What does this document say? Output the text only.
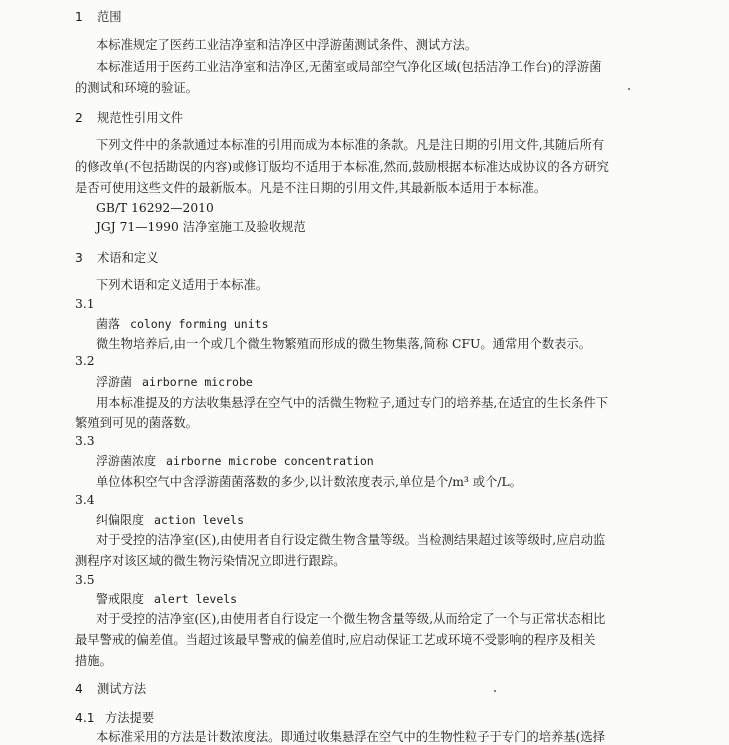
1 范围
本标准规定了医药工业洁净室和洁净区中浮游菌测试条件、测试方法。
本标准适用于医药工业洁净室和洁净区,无菌室或局部空气净化区域(包括洁净工作台)的浮游菌
的测试和环境的验证。
2 规范性引用文件
下列文件中的条款通过本标准的引用而成为本标准的条款。凡是注日期的引用文件,其随后所有
的修改单(不包括勘误的内容)或修订版均不适用于本标准,然而,鼓励根据本标准达成协议的各方研究
是否可使用这些文件的最新版本。凡是不注日期的引用文件,其最新版本适用于本标准。
GB/T 16292—2010
JGJ 71—1990 洁净室施工及验收规范
3 术语和定义
下列术语和定义适用于本标准。
3.1
菌落 colony forming units
微生物培养后,由一个或几个微生物繁殖而形成的微生物集落,简称 CFU。通常用个数表示。
3.2
浮游菌 airborne microbe
用本标准提及的方法收集悬浮在空气中的活微生物粒子,通过专门的培养基,在适宜的生长条件下
繁殖到可见的菌落数。
3.3
浮游菌浓度 airborne microbe concentration
单位体积空气中含浮游菌菌落数的多少,以计数浓度表示,单位是个/m³ 或个/L。
3.4
纠偏限度 action levels
对于受控的洁净室(区),由使用者自行设定微生物含量等级。当检测结果超过该等级时,应启动监
测程序对该区域的微生物污染情况立即进行跟踪。
3.5
警戒限度 alert levels
对于受控的洁净室(区),由使用者自行设定一个微生物含量等级,从而给定了一个与正常状态相比
最早警戒的偏差值。当超过该最早警戒的偏差值时,应启动保证工艺或环境不受影响的程序及相关
措施。
4 测试方法
4.1 方法提要
本标准采用的方法是计数浓度法。即通过收集悬浮在空气中的生物性粒子于专门的培养基(选择
